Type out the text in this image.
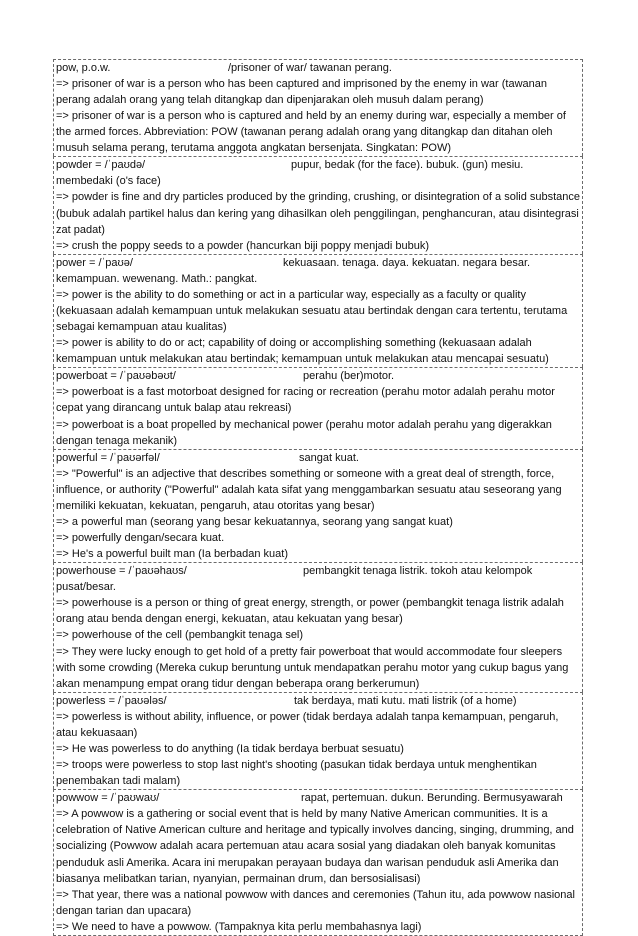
pow, p.o.w.	/prisoner of war/ tawanan perang.
=> prisoner of war is a person who has been captured and imprisoned by the enemy in war (tawanan perang adalah orang yang telah ditangkap dan dipenjarakan oleh musuh dalam perang)
=> prisoner of war is a person who is captured and held by an enemy during war, especially a member of the armed forces. Abbreviation: POW (tawanan perang adalah orang yang ditangkap dan ditahan oleh musuh selama perang, terutama anggota angkatan bersenjata. Singkatan: POW)
powder = /ˈpaʊdə/	pupur, bedak (for the face). bubuk. (gun) mesiu. membedaki (o's face)
=> powder is fine and dry particles produced by the grinding, crushing, or disintegration of a solid substance (bubuk adalah partikel halus dan kering yang dihasilkan oleh penggilingan, penghancuran, atau disintegrasi zat padat)
=> crush the poppy seeds to a powder (hancurkan biji poppy menjadi bubuk)
power = /ˈpaʊə/	kekuasaan. tenaga. daya. kekuatan. negara besar. kemampuan. wewenang. Math.: pangkat.
=> power is the ability to do something or act in a particular way, especially as a faculty or quality (kekuasaan adalah kemampuan untuk melakukan sesuatu atau bertindak dengan cara tertentu, terutama sebagai kemampuan atau kualitas)
=> power is ability to do or act; capability of doing or accomplishing something (kekuasaan adalah kemampuan untuk melakukan atau bertindak; kemampuan untuk melakukan atau mencapai sesuatu)
powerboat = /ˈpaʊəbəʊt/	perahu (ber)motor.
=> powerboat is a fast motorboat designed for racing or recreation (perahu motor adalah perahu motor cepat yang dirancang untuk balap atau rekreasi)
=> powerboat is a boat propelled by mechanical power (perahu motor adalah perahu yang digerakkan dengan tenaga mekanik)
powerful = /ˈpaʊərfəl/	sangat kuat.
=> "Powerful" is an adjective that describes something or someone with a great deal of strength, force, influence, or authority ("Powerful" adalah kata sifat yang menggambarkan sesuatu atau seseorang yang memiliki kekuatan, kekuatan, pengaruh, atau otoritas yang besar)
=> a powerful man (seorang yang besar kekuatannya, seorang yang sangat kuat)
=> powerfully dengan/secara kuat.
=> He's a powerful built man (Ia berbadan kuat)
powerhouse = /ˈpaʊəhaʊs/	pembangkit tenaga listrik. tokoh atau kelompok pusat/besar.
=> powerhouse is a person or thing of great energy, strength, or power (pembangkit tenaga listrik adalah orang atau benda dengan energi, kekuatan, atau kekuatan yang besar)
=> powerhouse of the cell (pembangkit tenaga sel)
=> They were lucky enough to get hold of a pretty fair powerboat that would accommodate four sleepers with some crowding (Mereka cukup beruntung untuk mendapatkan perahu motor yang cukup bagus yang akan menampung empat orang tidur dengan beberapa orang berkerumun)
powerless = /ˈpaʊələs/	tak berdaya, mati kutu. mati listrik (of a home)
=> powerless is without ability, influence, or power (tidak berdaya adalah tanpa kemampuan, pengaruh, atau kekuasaan)
=> He was powerless to do anything (Ia tidak berdaya berbuat sesuatu)
=> troops were powerless to stop last night's shooting (pasukan tidak berdaya untuk menghentikan penembakan tadi malam)
powwow = /ˈpaʊwaʊ/	rapat, pertemuan. dukun. Berunding. Bermusyawarah
=> A powwow is a gathering or social event that is held by many Native American communities. It is a celebration of Native American culture and heritage and typically involves dancing, singing, drumming, and socializing (Powwow adalah acara pertemuan atau acara sosial yang diadakan oleh banyak komunitas penduduk asli Amerika. Acara ini merupakan perayaan budaya dan warisan penduduk asli Amerika dan biasanya melibatkan tarian, nyanyian, permainan drum, dan bersosialisasi)
=> That year, there was a national powwow with dances and ceremonies (Tahun itu, ada powwow nasional dengan tarian dan upacara)
=> We need to have a powwow. (Tampaknya kita perlu membahasnya lagi)
